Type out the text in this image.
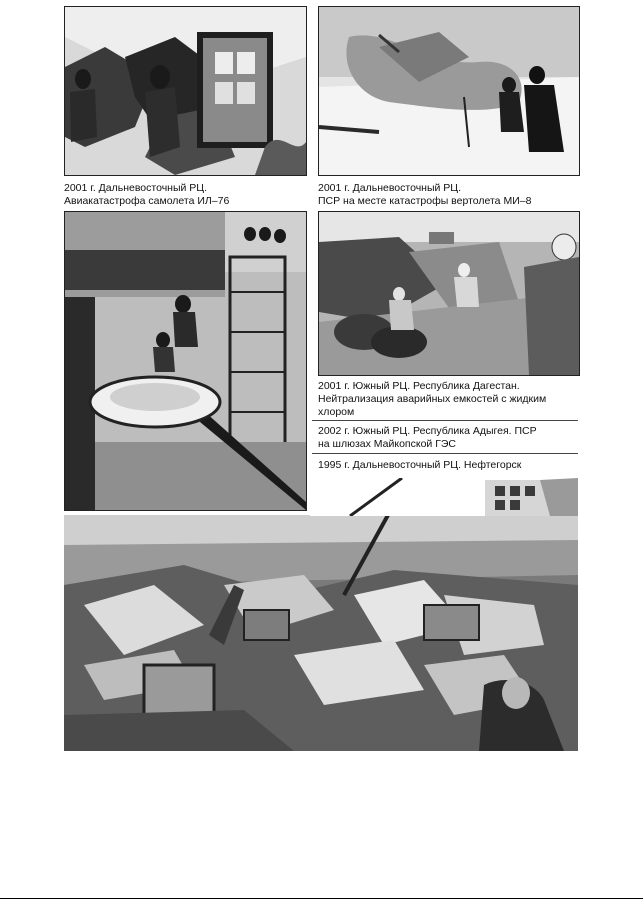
2001 г. Дальневосточный РЦ.
Авиакатастрофа самолета ИЛ–76
2001 г. Дальневосточный РЦ.
ПСР на месте катастрофы вертолета МИ–8
2001 г. Южный РЦ. Республика Дагестан.
Нейтрализация аварийных емкостей с жидким
хлором
2002 г. Южный РЦ. Республика Адыгея. ПСР
на шлюзах Майкопской ГЭС
1995 г. Дальневосточный РЦ. Нефтегорск
